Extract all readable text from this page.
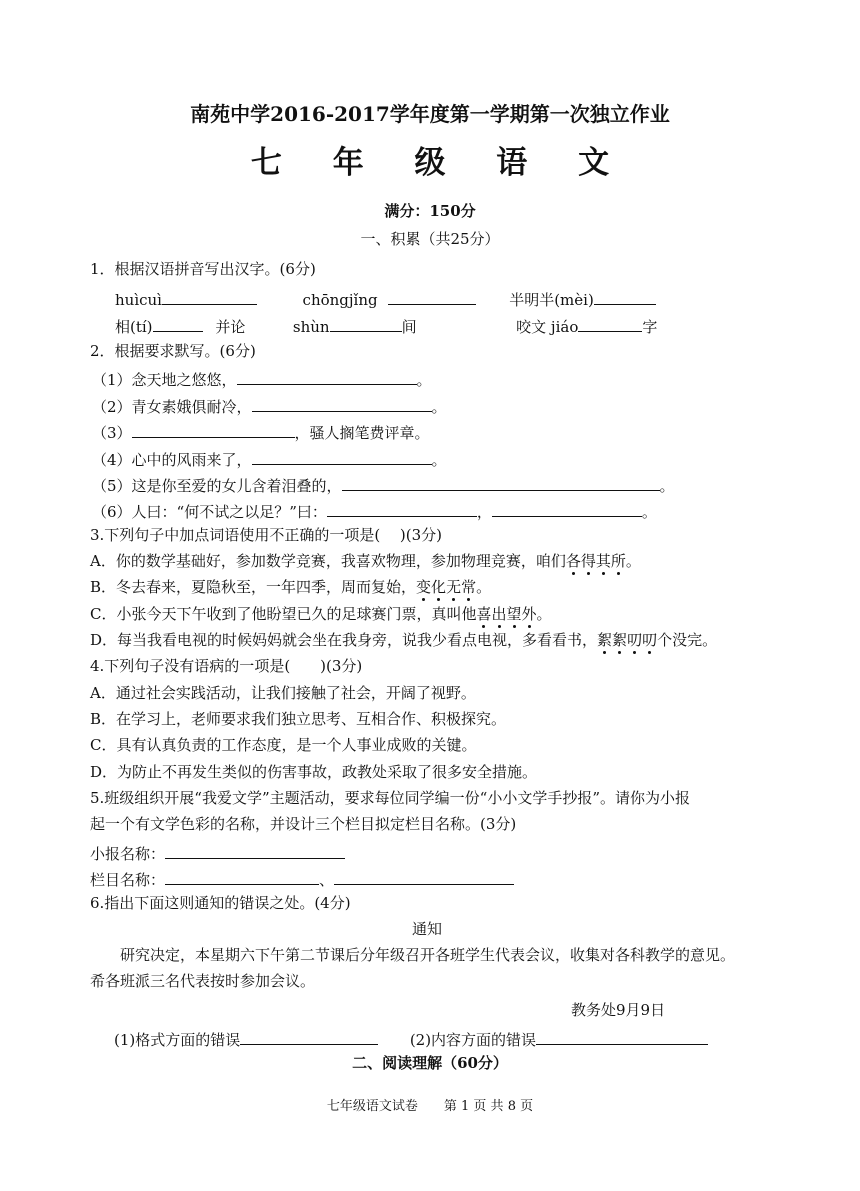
南苑中学2016-2017学年度第一学期第一次独立作业
七 年 级 语 文
满分：150分
一、积累（共25分）
1．根据汉语拼音写出汉字。(6分)
huìcuì	chōngjǐng	半明半(mèi)
相(tí)	并论	shùn	间	咬文 jiáo	字
2．根据要求默写。(6分)
（1）念天地之悠悠，	。
（2）青女素娥俱耐冷，	。
（3）	，骚人搁笔费评章。
（4）心中的风雨来了，	。
（5）这是你至爱的女儿含着泪叠的，	。
（6）人曰：“何不试之以足？”曰：	，	。
3.下列句子中加点词语使用不正确的一项是(　 )(3分)
A．你的数学基础好，参加数学竞赛，我喜欢物理，参加物理竞赛，咱们各得其所。
B．冬去春来，夏隐秋至，一年四季，周而复始，变化无常。
C．小张今天下午收到了他盼望已久的足球赛门票，真叫他喜出望外。
D．每当我看电视的时候妈妈就会坐在我身旁，说我少看点电视，多看看书，絮絮叨叨个没完。
4.下列句子没有语病的一项是(　　)(3分)
A．通过社会实践活动，让我们接触了社会，开阔了视野。
B．在学习上，老师要求我们独立思考、互相合作、积极探究。
C．具有认真负责的工作态度，是一个人事业成败的关键。
D．为防止不再发生类似的伤害事故，政教处采取了很多安全措施。
5.班级组织开展“我爱文学”主题活动，要求每位同学编一份“小小文学手抄报”。请你为小报
起一个有文学色彩的名称，并设计三个栏目拟定栏目名称。(3分)
小报名称：
栏目名称：	、
6.指出下面这则通知的错误之处。(4分)
通知
研究决定，本星期六下午第二节课后分年级召开各班学生代表会议，收集对各科教学的意见。
希各班派三名代表按时参加会议。
教务处9月9日
(1)格式方面的错误	(2)内容方面的错误
二、阅读理解（60分）
七年级语文试卷　　第 1 页 共 8 页
